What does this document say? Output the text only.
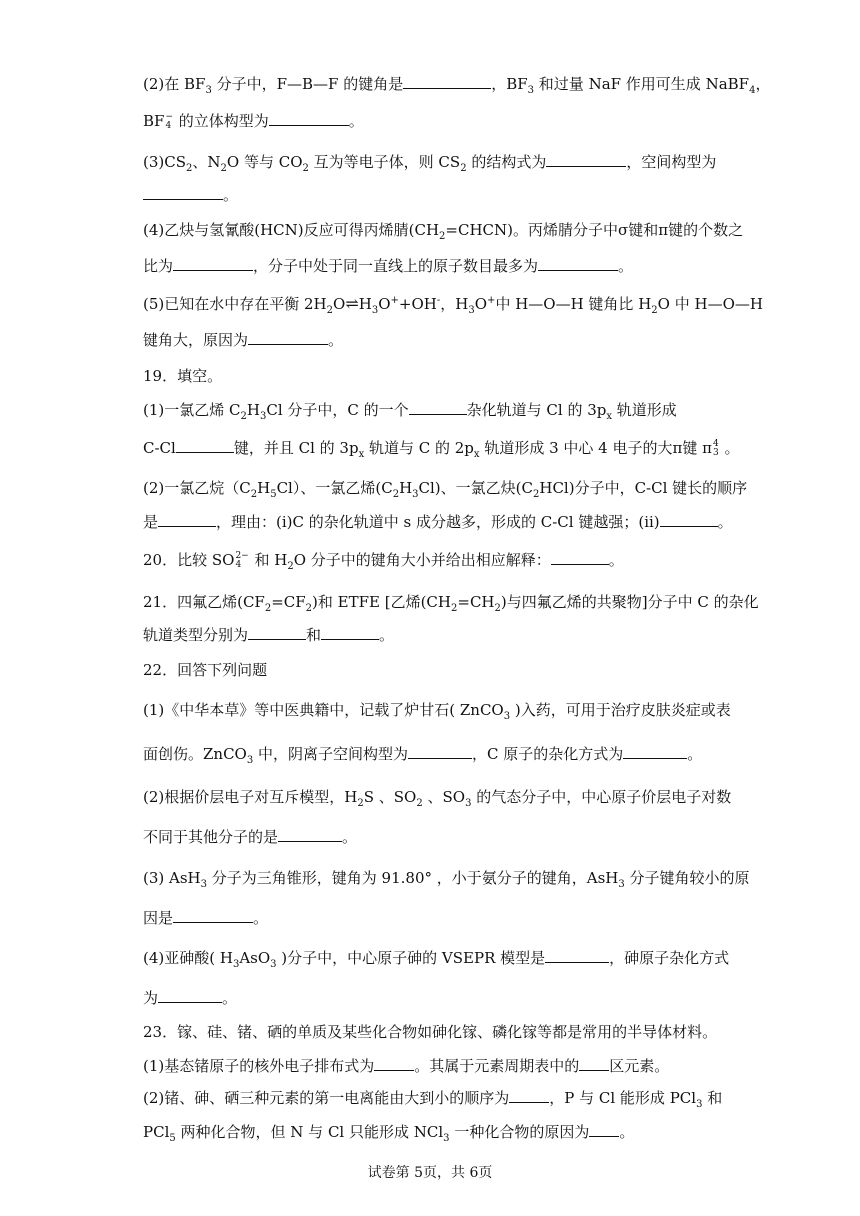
(2)在 $BF_3$ 分子中，F—B—F 的键角是	，$BF_3$ 和过量 NaF 作用可生成 NaBF$_4$，
BF −
4 的立体构型为	。
$(3)CS_2$、$N_2O$ 等与 $CO_2$ 互为等电子体，则 $CS_2$ 的结构式为	，空间构型为
。
(4)乙炔与氢氰酸(HCN)反应可得丙烯腈$(CH_2=CHCN)$。丙烯腈分子中σ键和π键的个数之
比为	，分子中处于同一直线上的原子数目最多为	。
(5)已知在水中存在平衡 $2H_2O\rightleftharpoons H_3O^++OH^-$，$H_3O^+$中 H—O—H 键角比 $H_2O$ 中 H—O—H
键角大，原因为	。
19．填空。
(1)一氯乙烯 $C_2H_3Cl$ 分子中，C 的一个	杂化轨道与 Cl 的 $3p_x$ 轨道形成
C-Cl	键，并且 Cl 的 $3p_x$ 轨道与 C 的 $2p_x$ 轨道形成 3 中心 4 电子的大π键 π 4
3 。
(2)一氯乙烷$(C_2H_5Cl)$、一氯乙烯$(C_2H_3Cl)$、一氯乙炔$(C_2HCl)$分子中，C-Cl 键长的顺序
是	，理由：(i)C 的杂化轨道中 s 成分越多，形成的 C-Cl 键越强；(ii)	。
20．比较 SO 2−
4 和 $H_2O$ 分子中的键角大小并给出相应解释：	。
21．四氟乙烯$(CF_2=CF_2)$和 ETFE [乙烯$(CH_2=CH_2)$与四氟乙烯的共聚物]分子中 C 的杂化
轨道类型分别为	和	。
22．回答下列问题
(1)《中华本草》等中医典籍中，记载了炉甘石( ZnCO$_3$ )入药，可用于治疗皮肤炎症或表
面创伤。ZnCO$_3$ 中，阴离子空间构型为	，C 原子的杂化方式为	。
(2)根据价层电子对互斥模型，$H_2S$ 、$SO_2$ 、$SO_3$ 的气态分子中，中心原子价层电子对数
不同于其他分子的是	。
(3) AsH$_3$ 分子为三角锥形，键角为 91.80° ，小于氨分子的键角，AsH$_3$ 分子键角较小的原
因是	。
(4)亚砷酸( $H_3AsO_3$ )分子中，中心原子砷的 VSEPR 模型是	，砷原子杂化方式
为	。
23．镓、硅、锗、硒的单质及某些化合物如砷化镓、磷化镓等都是常用的半导体材料。
(1)基态锗原子的核外电子排布式为	。其属于元素周期表中的 区元素。
(2)锗、砷、硒三种元素的第一电离能由大到小的顺序为	，P 与 Cl 能形成 PCl$_3$ 和
PCl$_5$ 两种化合物，但 N 与 Cl 只能形成 NCl$_3$ 一种化合物的原因为 。
试卷第 5页，共 6页
